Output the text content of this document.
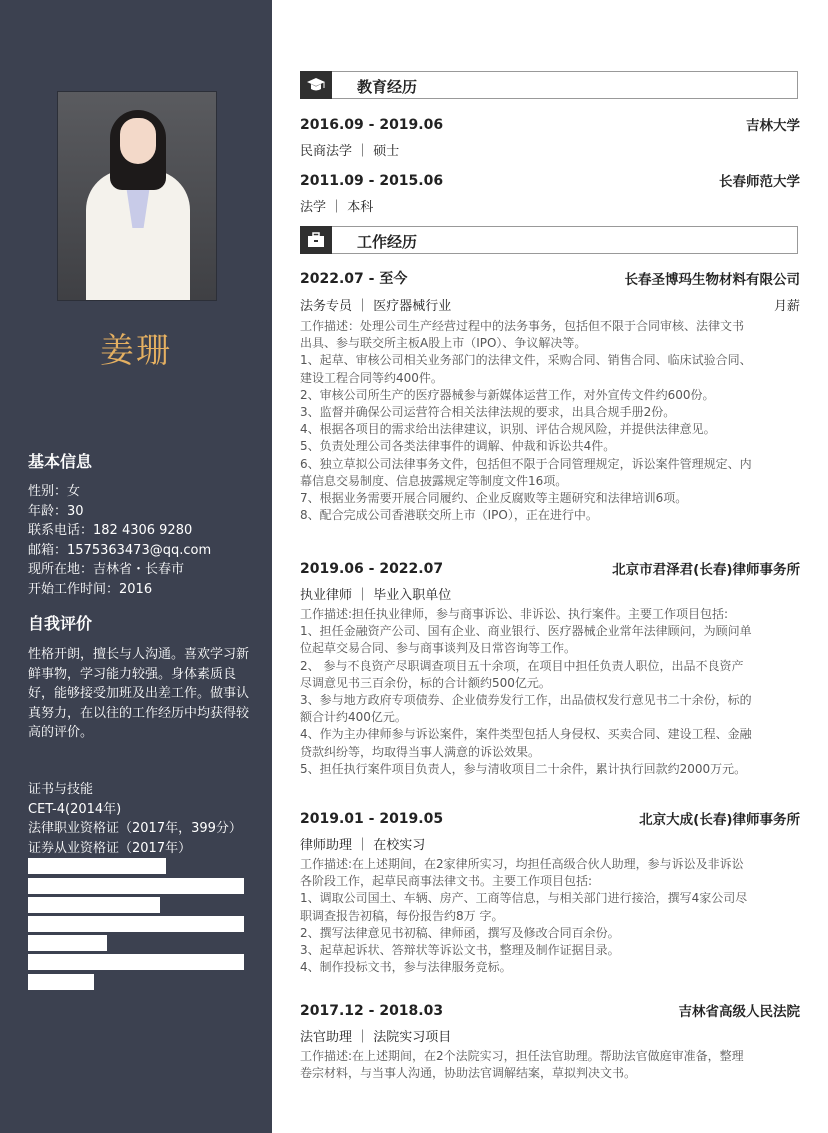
姜珊
基本信息
性别：女
年龄：30
联系电话：182 4306 9280
邮箱：1575363473@qq.com
现所在地：吉林省・长春市
开始工作时间：2016
自我评价
性格开朗，擅长与人沟通。喜欢学习新鲜事物，学习能力较强。身体素质良好，能够接受加班及出差工作。做事认真努力，在以往的工作经历中均获得较高的评价。
证书与技能
CET-4(2014年)
法律职业资格证（2017年，399分）
证券从业资格证（2017年）
教育经历
2016.09 - 2019.06	吉林大学
民商法学 ｜ 硕士
2011.09 - 2015.06	长春师范大学
法学 ｜ 本科
工作经历
2022.07 - 至今	长春圣博玛生物材料有限公司
法务专员 ｜ 医疗器械行业	月薪
工作描述：处理公司生产经营过程中的法务事务，包括但不限于合同审核、法律文书
出具、参与联交所主板A股上市（IPO）、争议解决等。
1、起草、审核公司相关业务部门的法律文件，采购合同、销售合同、临床试验合同、
建设工程合同等约400件。
2、审核公司所生产的医疗器械参与新媒体运营工作，对外宣传文件约600份。
3、监督并确保公司运营符合相关法律法规的要求，出具合规手册2份。
4、根据各项目的需求给出法律建议，识别、评估合规风险，并提供法律意见。
5、负责处理公司各类法律事件的调解、仲裁和诉讼共4件。
6、独立草拟公司法律事务文件，包括但不限于合同管理规定，诉讼案件管理规定、内
幕信息交易制度、信息披露规定等制度文件16项。
7、根据业务需要开展合同履约、企业反腐败等主题研究和法律培训6项。
8、配合完成公司香港联交所上市（IPO），正在进行中。
2019.06 - 2022.07	北京市君泽君(长春)律师事务所
执业律师 ｜ 毕业入职单位
工作描述:担任执业律师，参与商事诉讼、非诉讼、执行案件。主要工作项目包括:
1、担任金融资产公司、国有企业、商业银行、医疗器械企业常年法律顾问，为顾问单
位起草交易合同、参与商事谈判及日常咨询等工作。
2、 参与不良资产尽职调查项目五十余项，在项目中担任负责人职位，出品不良资产
尽调意见书三百余份，标的合计额约500亿元。
3、参与地方政府专项债券、企业债券发行工作，出品债权发行意见书二十余份，标的
额合计约400亿元。
4、作为主办律师参与诉讼案件，案件类型包括人身侵权、买卖合同、建设工程、金融
贷款纠纷等，均取得当事人满意的诉讼效果。
5、担任执行案件项目负责人，参与清收项目二十余件，累计执行回款约2000万元。
2019.01 - 2019.05	北京大成(长春)律师事务所
律师助理 ｜ 在校实习
工作描述:在上述期间，在2家律所实习，均担任高级合伙人助理，参与诉讼及非诉讼
各阶段工作，起草民商事法律文书。主要工作项目包括:
1、调取公司国土、车辆、房产、工商等信息，与相关部门进行接洽，撰写4家公司尽
职调查报告初稿，每份报告约8万 字。
2、撰写法律意见书初稿、律师函，撰写及修改合同百余份。
3、起草起诉状、答辩状等诉讼文书，整理及制作证据目录。
4、制作投标文书，参与法律服务竞标。
2017.12 - 2018.03	吉林省高级人民法院
法官助理 ｜ 法院实习项目
工作描述:在上述期间，在2个法院实习，担任法官助理。帮助法官做庭审准备，整理
卷宗材料，与当事人沟通，协助法官调解结案，草拟判决文书。
